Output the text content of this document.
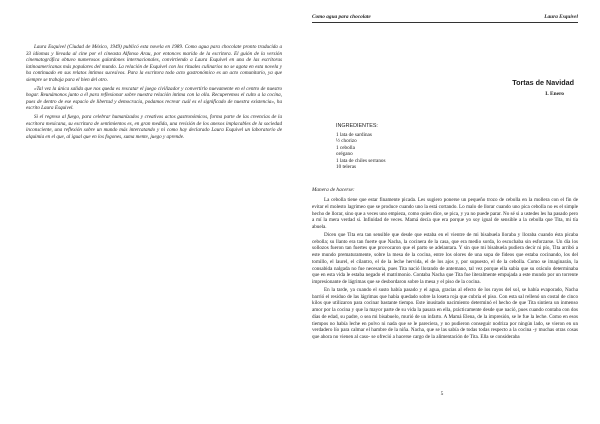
Laura Esquivel (Ciudad de México, 1949) publicó esta novela en 1989. Como agua para chocolate pronto traducida a 33 idiomas y llevada al cine por el cineasta Alfonso Arau, por entonces marido de la escritora. El guión de la versión cinematográfica obtuvo numerosos galardones internacionales, convirtiendo a Laura Esquivel en una de las escritoras latinoamericanas más populares del mundo. La relación de Esquivel con los rituales culinarios no se agota en esta novela y ha continuado en sus relatos íntimos sucesivos. Para la escritora todo acto gastronómico es un acto comunitario, ya que siempre se trabaja para el bien del otro.

«Tal vez la única salida que nos queda es rescatar el juego civilizador y convertirlo nuevamente en el centro de nuestro hogar. Reunámonos junto a él para reflexionar sobre nuestra relación íntima con la olla. Recuperemos el culto a la cocina, pues de dentro de ese espacio de libertad y democracia, podamos recrear cuál es el significado de nuestra existencia», ha escrito Laura Esquivel.

Si el regreso al fuego, para celebrar humanizados y creativos actos gastronómicos, forma parte de las creencias de la escritora mexicana, su escritura de sentimientos es, en gran medida, una revisión de los anexos implacables de la sociedad inconsciente, una reflexión sobre un mundo más intercatando y ni como hay declarado Laura Esquivel un laboratorio de alquimia en el que, al igual que en los fogones, suma mente, juego y aprende.

Como agua para chocolate	Laura Esquivel
Tortas de Navidad
I. Enero
INGREDIENTES:
1 lata de sardinas
½ chorizo
1 cebolla
orégano
1 lata de chiles serranos
10 teleras
Manera de hacerse:

La cebolla tiene que estar finamente picada. Les sugiero ponerse un pequeño trozo de cebolla en la mollera con el fin de evitar el molesto lagrimeo que se produce cuando uno la está cortando. Lo malo de llorar cuando uno pica cebolla no es el simple hecho de llorar, sino que a veces uno empieza, como quien dice, se pica, y ya no puede parar. No sé si a ustedes les ha pasado pero a mí la mera verdad sí. Infinidad de veces. Mamá decía que era porque yo soy igual de sensible a la cebolla que Tita, mi tía abuela.

Dicen que Tita era tan sensible que desde que estaba en el vientre de mi bisabuela lloraba y lloraba cuando ésta picaba cebolla; su llanto era tan fuerte que Nacha, la cocinera de la casa, que era medio sorda, lo escuchaba sin esforzarse. Un día los sollozos fueron tan fuertes que provocaron que el parto se adelantara. Y sin que mi bisabuela pudiera decir ni pío, Tita arribó a este mundo prematuramente, sobre la mesa de la cocina, entre los olores de una sopa de fideos que estaba cocinando, los del tomillo, el laurel, el cilantro, el de la leche hervida, el de los ajos y, por supuesto, el de la cebolla. Como se imaginarán, la consabida nalgada no fue necesaria, pues Tita nació llorando de antemano, tal vez porque ella sabía que su oráculo determinaba que en esta vida le estaba negado el matrimonio. Contaba Nacha que Tita fue literalmente empujada a este mundo por un torrente impresionante de lágrimas que se desbordaron sobre la mesa y el piso de la cocina.

En la tarde, ya cuando el susto había pasado y el agua, gracias al efecto de los rayos del sol, se había evaporado, Nacha barrió el residuo de las lágrimas que había quedado sobre la loseta roja que cubría el piso. Con esta sal rellenó un costal de cinco kilos que utilizaron para cocinar bastante tiempo. Este inusitado nacimiento determinó el hecho de que Tita sintiera un inmenso amor por la cocina y que la mayor parte de su vida la pasara en ella, prácticamente desde que nació, pues cuando contaba con dos días de edad, su padre, o sea mi bisabuelo, murió de un infarto. A Mamá Elena, de la impresión, se le fue la leche. Como en esos tiempos no había leche en polvo ni nada que se le pareciera, y no pudieron conseguir nodriza por ningún lado, se vieron en un verdadero lío para calmar el hambre de la niña. Nacha, que se las sabía de todas todas respecto a la cocina -y muchas otras cosas que ahora no vienen al caso- se ofreció a hacerse cargo de la alimentación de Tita. Ella se consideraba

5
